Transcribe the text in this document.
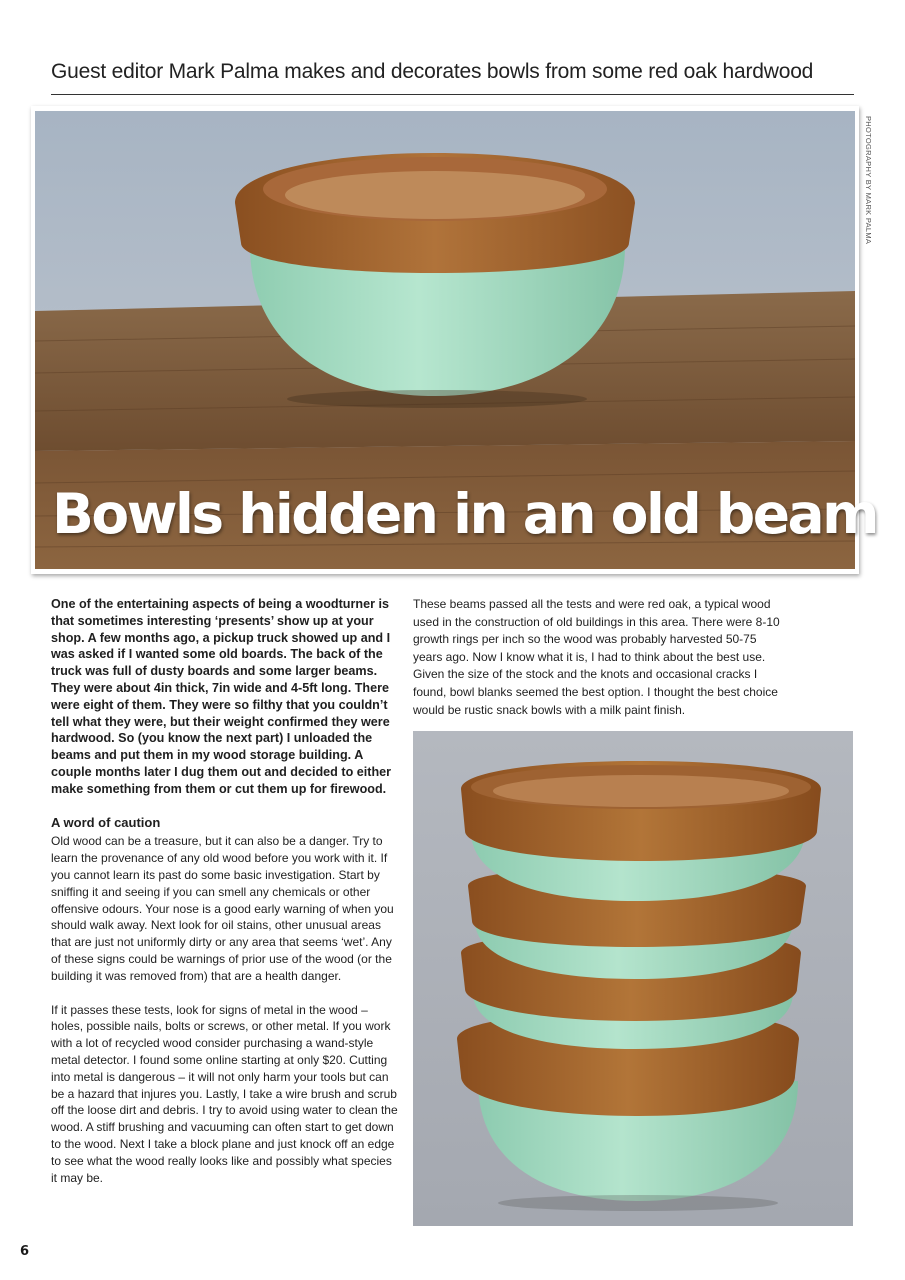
Guest editor Mark Palma makes and decorates bowls from some red oak hardwood
Bowls hidden in an old beam
PHOTOGRAPHY BY MARK PALMA

One of the entertaining aspects of being a woodturner is that sometimes interesting ‘presents’ show up at your shop. A few months ago, a pickup truck showed up and I was asked if I wanted some old boards. The back of the truck was full of dusty boards and some larger beams. They were about 4in thick, 7in wide and 4-5ft long. There were eight of them. They were so filthy that you couldn’t tell what they were, but their weight confirmed they were hardwood. So (you know the next part) I unloaded the beams and put them in my wood storage building. A couple months later I dug them out and decided to either make something from them or cut them up for firewood.

A word of caution

Old wood can be a treasure, but it can also be a danger. Try to learn the provenance of any old wood before you work with it. If you cannot learn its past do some basic investigation. Start by sniffing it and seeing if you can smell any chemicals or other offensive odours. Your nose is a good early warning of when you should walk away. Next look for oil stains, other unusual areas that are just not uniformly dirty or any area that seems ‘wet’. Any of these signs could be warnings of prior use of the wood (or the building it was removed from) that are a health danger.

If it passes these tests, look for signs of metal in the wood – holes, possible nails, bolts or screws, or other metal. If you work with a lot of recycled wood consider purchasing a wand-style metal detector. I found some online starting at only $20. Cutting into metal is dangerous – it will not only harm your tools but can be a hazard that injures you. Lastly, I take a wire brush and scrub off the loose dirt and debris. I try to avoid using water to clean the wood. A stiff brushing and vacuuming can often start to get down to the wood. Next I take a block plane and just knock off an edge to see what the wood really looks like and possibly what species it may be.

These beams passed all the tests and were red oak, a typical wood used in the construction of old buildings in this area. There were 8-10 growth rings per inch so the wood was probably harvested 50-75 years ago. Now I know what it is, I had to think about the best use. Given the size of the stock and the knots and occasional cracks I found, bowl blanks seemed the best option. I thought the best choice would be rustic snack bowls with a milk paint finish.

6
